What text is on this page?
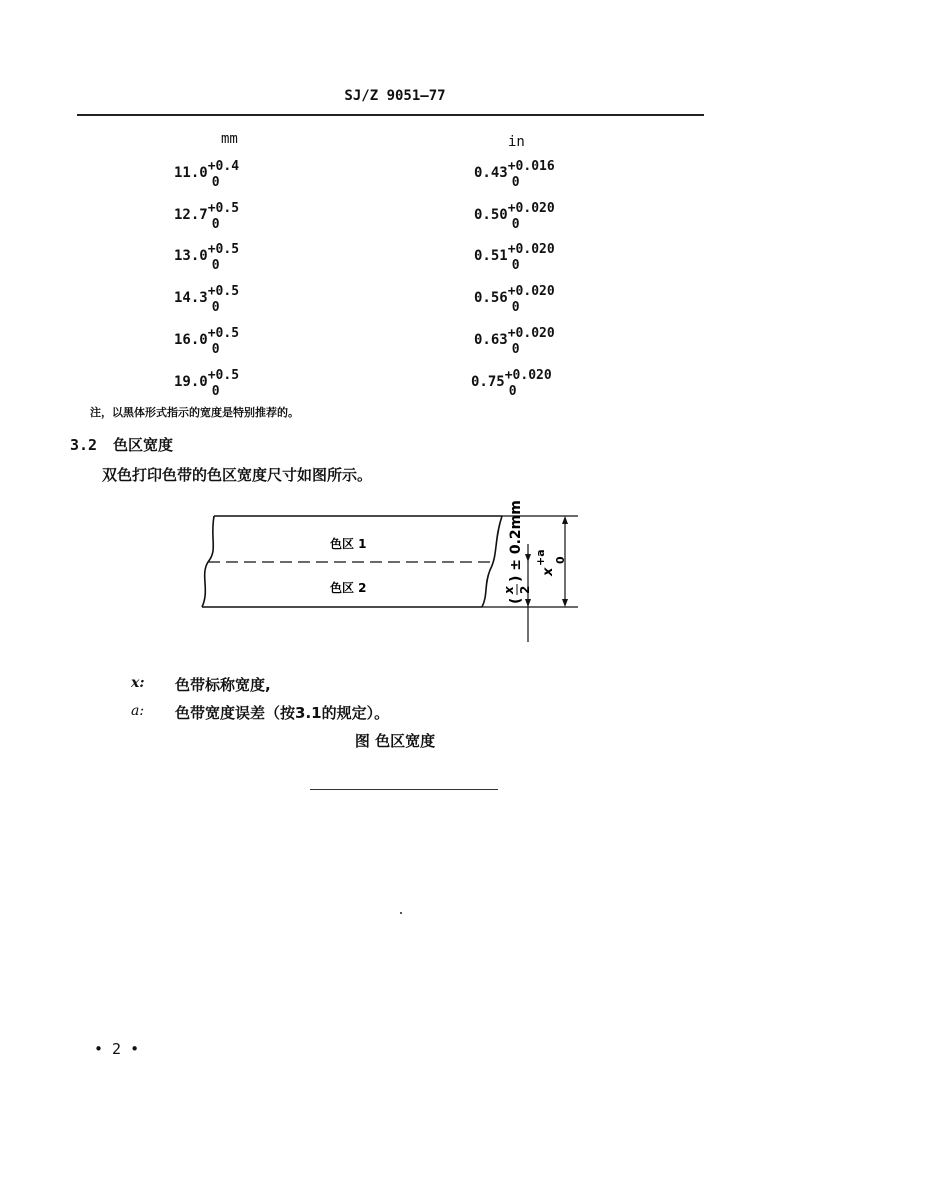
SJ/Z 9051—77
mm	in
11.0 +0.4
0
0.43 +0.016
0
12.7 +0.5
0
0.50 +0.020
0
13.0 +0.5
0
0.51 +0.020
0
14.3 +0.5
0
0.56 +0.020
0
16.0 +0.5
0
0.63 +0.020
0
19.0 +0.5
0
0.75 +0.020
0
注，以黑体形式指示的宽度是特别推荐的。
3.2 色区宽度
双色打印色带的色区宽度尺寸如图所示。
色区 1
色区 2
(
x 2
) ± 0.2mm x
+a 0
x: 色带标称宽度,
a: 色带宽度误差（按3.1的规定）。
图 色区宽度
• 2 •
